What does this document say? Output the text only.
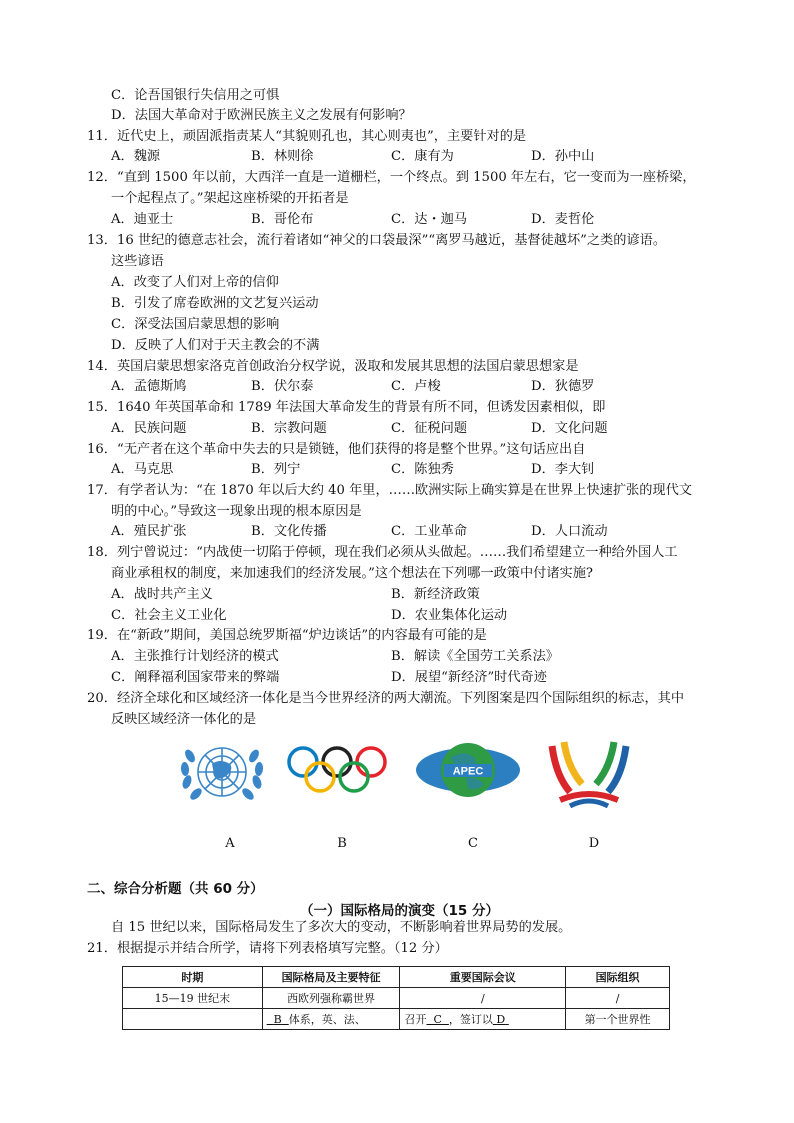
C．论吾国银行失信用之可惧
D．法国大革命对于欧洲民族主义之发展有何影响？
11．近代史上，顽固派指责某人“其貌则孔也，其心则夷也”，主要针对的是
A．魏源	B．林则徐	C．康有为	D．孙中山
12．“直到 1500 年以前，大西洋一直是一道栅栏，一个终点。到 1500 年左右，它一变而为一座桥梁，
一个起程点了。”架起这座桥梁的开拓者是
A．迪亚士	B．哥伦布	C．达・迦马	D．麦哲伦
13．16 世纪的德意志社会，流行着诸如“神父的口袋最深”“离罗马越近，基督徒越坏”之类的谚语。
这些谚语
A．改变了人们对上帝的信仰
B．引发了席卷欧洲的文艺复兴运动
C．深受法国启蒙思想的影响
D．反映了人们对于天主教会的不满
14．英国启蒙思想家洛克首创政治分权学说，汲取和发展其思想的法国启蒙思想家是
A．孟德斯鸠	B．伏尔泰	C．卢梭	D．狄德罗
15．1640 年英国革命和 1789 年法国大革命发生的背景有所不同，但诱发因素相似，即
A．民族问题	B．宗教问题	C．征税问题	D．文化问题
16．“无产者在这个革命中失去的只是锁链，他们获得的将是整个世界。”这句话应出自
A．马克思	B．列宁	C．陈独秀	D．李大钊
17．有学者认为：“在 1870 年以后大约 40 年里，……欧洲实际上确实算是在世界上快速扩张的现代文
明的中心。”导致这一现象出现的根本原因是
A．殖民扩张	B．文化传播	C．工业革命	D．人口流动
18．列宁曾说过：“内战使一切陷于停顿，现在我们必须从头做起。……我们希望建立一种给外国人工
商业承租权的制度，来加速我们的经济发展。”这个想法在下列哪一政策中付诸实施?
A．战时共产主义	B．新经济政策
C．社会主义工业化	D．农业集体化运动
19．在“新政”期间，美国总统罗斯福“炉边谈话”的内容最有可能的是
A．主张推行计划经济的模式	B．解读《全国劳工关系法》
C．阐释福利国家带来的弊端	D．展望“新经济”时代奇迹
20．经济全球化和区域经济一体化是当今世界经济的两大潮流。下列图案是四个国际组织的标志，其中
反映区域经济一体化的是
APEC
A	B	C	D
二、综合分析题（共 60 分）
（一）国际格局的演变（15 分）
自 15 世纪以来，国际格局发生了多次大的变动，不断影响着世界局势的发展。
21．根据提示并结合所学，请将下列表格填写完整。（12 分）
时期	国际格局及主要特征	重要国际会议	国际组织
15—19 世纪末	西欧列强称霸世界	/	/
	B 体系，英、法、	召开 C ，签订以 D	第一个世界性
